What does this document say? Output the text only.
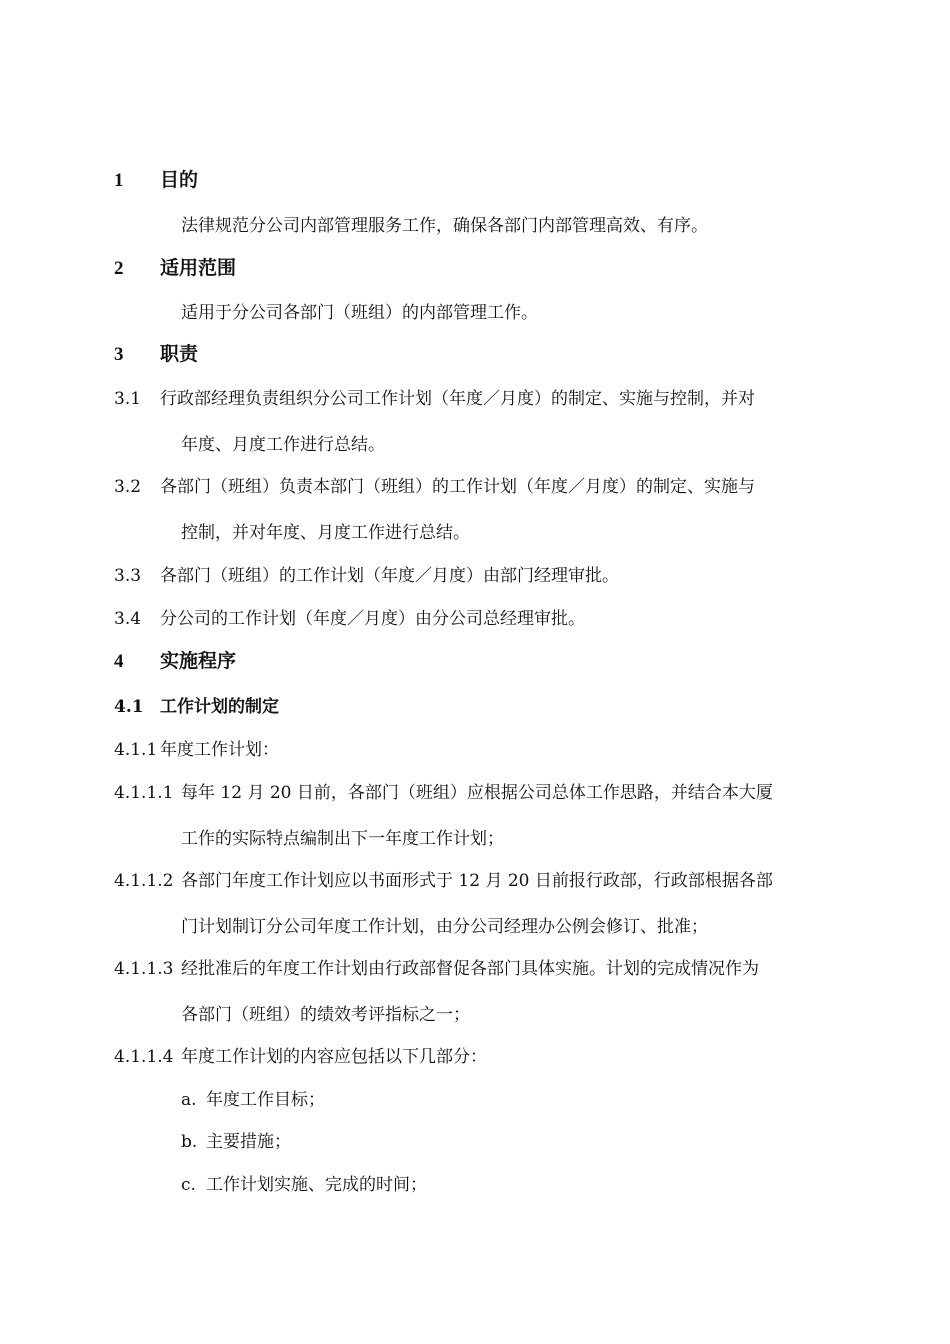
1 目的
法律规范分公司内部管理服务工作，确保各部门内部管理高效、有序。
2 适用范围
适用于分公司各部门（班组）的内部管理工作。
3 职责
3.1 行政部经理负责组织分公司工作计划（年度／月度）的制定、实施与控制，并对
年度、月度工作进行总结。
3.2 各部门（班组）负责本部门（班组）的工作计划（年度／月度）的制定、实施与
控制，并对年度、月度工作进行总结。
3.3 各部门（班组）的工作计划（年度／月度）由部门经理审批。
3.4 分公司的工作计划（年度／月度）由分公司总经理审批。
4 实施程序
4.1 工作计划的制定
4.1.1 年度工作计划：
4.1.1.1 每年 12 月 20 日前，各部门（班组）应根据公司总体工作思路，并结合本大厦
工作的实际特点编制出下一年度工作计划；
4.1.1.2 各部门年度工作计划应以书面形式于 12 月 20 日前报行政部，行政部根据各部
门计划制订分公司年度工作计划，由分公司经理办公例会修订、批准；
4.1.1.3 经批准后的年度工作计划由行政部督促各部门具体实施。计划的完成情况作为
各部门（班组）的绩效考评指标之一；
4.1.1.4 年度工作计划的内容应包括以下几部分：
a. 年度工作目标；
b. 主要措施；
c. 工作计划实施、完成的时间；
